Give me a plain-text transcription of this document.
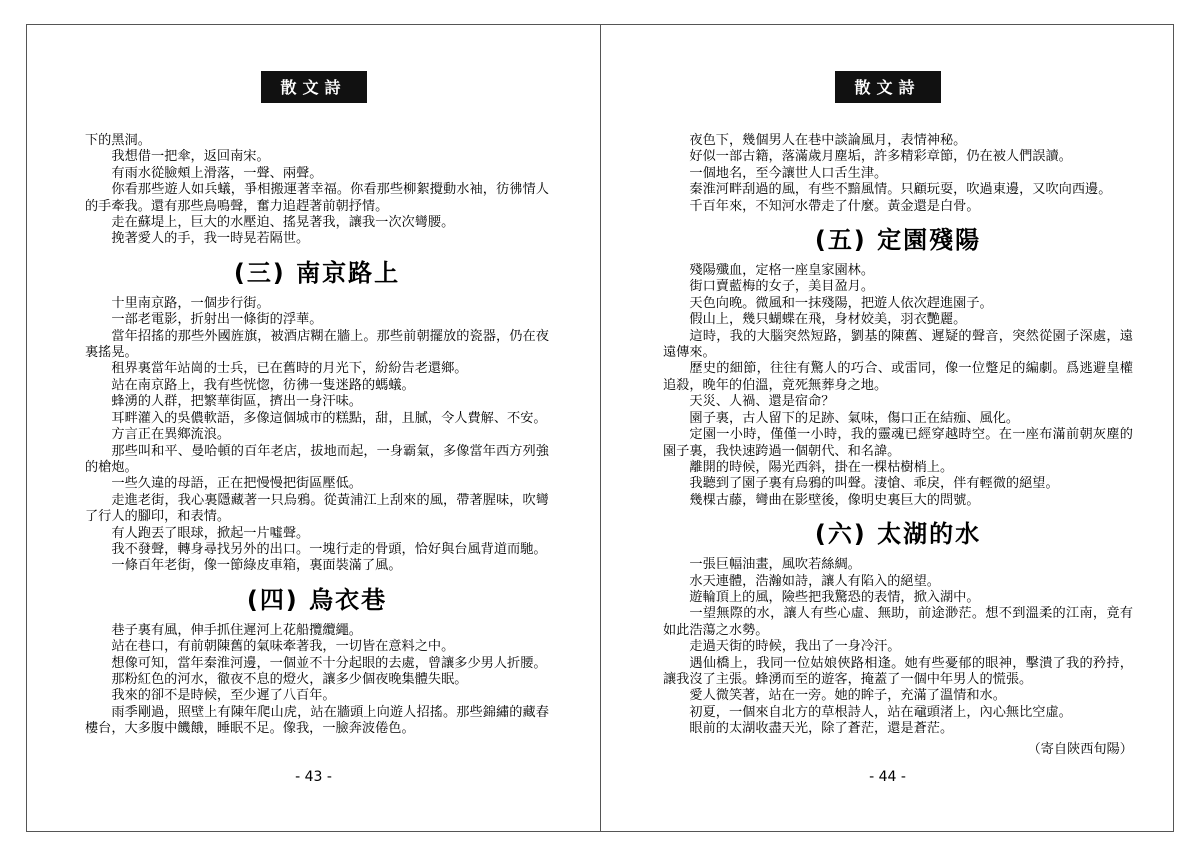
散文詩
下的黑洞。
我想借一把傘，返回南宋。
有雨水從臉頰上滑落，一聲、兩聲。
你看那些遊人如兵蟻，爭相搬運著幸福。你看那些柳絮攪動水袖，彷彿情人的手牽我。還有那些鳥鳴聲，奮力追趕著前朝抒情。
走在蘇堤上，巨大的水壓迫、搖晃著我，讓我一次次彎腰。
挽著愛人的手，我一時晃若隔世。
(三) 南京路上
十里南京路，一個步行街。
一部老電影，折射出一條街的浮華。
當年招搖的那些外國旌旗，被酒店糊在牆上。那些前朝擺放的瓷器，仍在夜裏搖晃。
租界裏當年站崗的士兵，已在舊時的月光下，紛紛告老還鄉。
站在南京路上，我有些恍惚，彷彿一隻迷路的螞蟻。
蜂湧的人群，把繁華街區，擠出一身汗味。
耳畔灌入的吳儂軟語，多像這個城市的糕點，甜，且膩，令人費解、不安。
方言正在異鄉流浪。
那些叫和平、曼哈頓的百年老店，拔地而起，一身霸氣，多像當年西方列強的槍炮。
一些久違的母語，正在把慢慢把街區壓低。
走進老街，我心裏隱藏著一只烏鴉。從黃浦江上刮來的風，帶著腥味，吹彎了行人的腳印，和表情。
有人跑丟了眼球，掀起一片噓聲。
我不發聲，轉身尋找另外的出口。一塊行走的骨頭，恰好與台風背道而馳。
一條百年老街，像一節綠皮車箱，裏面裝滿了風。
(四) 烏衣巷
巷子裏有風，伸手抓住遲河上花船攬纜繩。
站在巷口，有前朝陳舊的氣味牽著我，一切皆在意料之中。
想像可知，當年秦淮河邊，一個並不十分起眼的去處，曾讓多少男人折腰。
那粉紅色的河水，徹夜不息的燈火，讓多少個夜晚集體失眠。
我來的卻不是時候，至少遲了八百年。
雨季剛過，照壁上有陳年爬山虎，站在牆頭上向遊人招搖。那些錦繡的藏春樓台，大多腹中饑餓，睡眠不足。像我，一臉奔波倦色。
- 43 -
散文詩
夜色下，幾個男人在巷中談論風月，表情神秘。
好似一部古籍，落滿歲月塵垢，許多精彩章節，仍在被人們誤讀。
一個地名，至今讓世人口舌生津。
秦淮河畔刮過的風，有些不黯風情。只顧玩耍，吹過東邊，又吹向西邊。
千百年來，不知河水帶走了什麼。黃金還是白骨。
(五) 定園殘陽
殘陽殲血，定格一座皇家園林。
街口賣藍梅的女子，美目盈月。
天色向晚。微風和一抹殘陽，把遊人依次趕進園子。
假山上，幾只蝴蝶在飛，身材姣美，羽衣艷麗。
這時，我的大腦突然短路，劉基的陳舊、遲疑的聲音，突然從園子深處，遠遠傳來。
歷史的細節，往往有驚人的巧合、或雷同，像一位蹩足的編劇。爲逃避皇權追殺，晚年的伯溫，竟死無葬身之地。
天災、人禍、還是宿命？
園子裏，古人留下的足跡、氣味，傷口正在結痂、風化。
定園一小時，僅僅一小時，我的靈魂已經穿越時空。在一座布滿前朝灰塵的園子裏，我快速跨過一個朝代、和名諱。
離開的時候，陽光西斜，掛在一棵枯樹梢上。
我聽到了園子裏有烏鴉的叫聲。淒愴、乖戾，伴有輕微的絕望。
幾棵古藤，彎曲在影壁後，像明史裏巨大的問號。
(六) 太湖的水
一張巨幅油畫，風吹若絲綢。
水天連體，浩瀚如詩，讓人有陷入的絕望。
遊輪頂上的風，險些把我驚恐的表情，掀入湖中。
一望無際的水，讓人有些心虛、無助，前途渺茫。想不到溫柔的江南，竟有如此浩蕩之水勢。
走過天街的時候，我出了一身冷汗。
遇仙橋上，我同一位姑娘俠路相逢。她有些憂郁的眼神，擊潰了我的矜持，讓我沒了主張。蜂湧而至的遊客，掩蓋了一個中年男人的慌張。
愛人微笑著，站在一旁。她的眸子，充滿了溫情和水。
初夏，一個來自北方的草根詩人，站在黿頭渚上，內心無比空虛。
眼前的太湖收盡天光，除了蒼茫，還是蒼茫。
（寄自陝西旬陽）
- 44 -
